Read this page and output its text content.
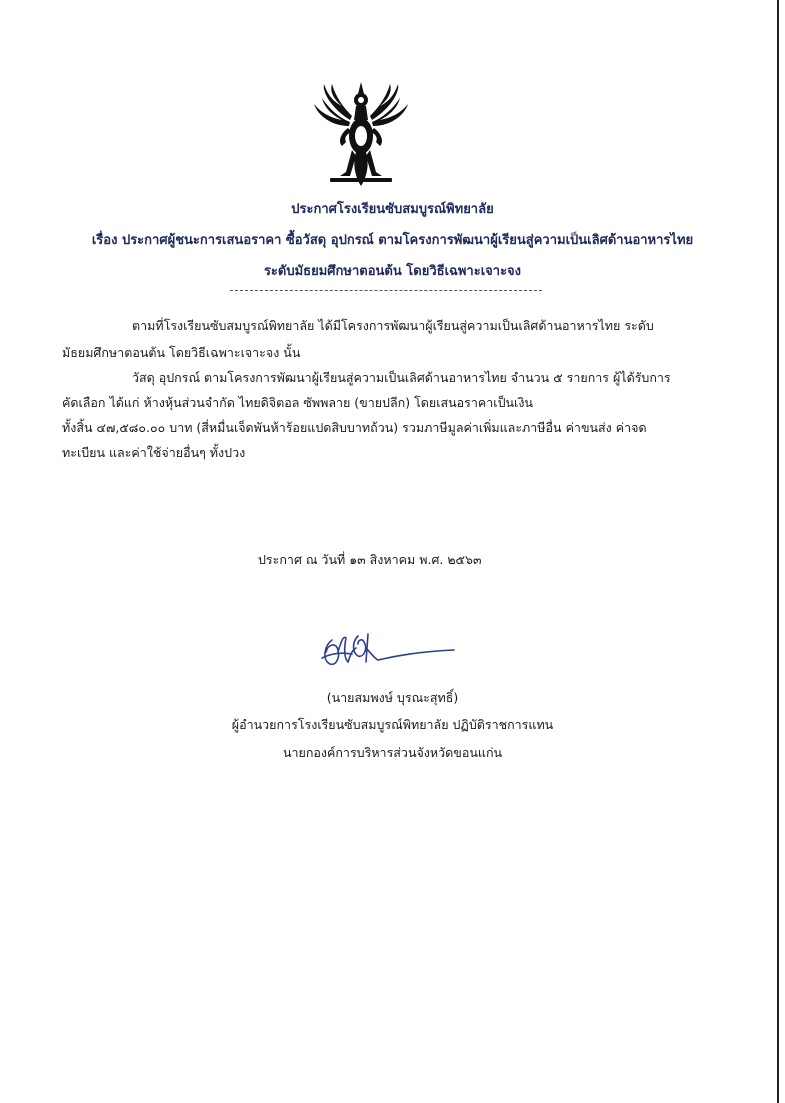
ประกาศโรงเรียนซับสมบูรณ์พิทยาลัย
เรื่อง ประกาศผู้ชนะการเสนอราคา ซื้อวัสดุ อุปกรณ์ ตามโครงการพัฒนาผู้เรียนสู่ความเป็นเลิศด้านอาหารไทย
ระดับมัธยมศึกษาตอนต้น โดยวิธีเฉพาะเจาะจง
ตามที่โรงเรียนซับสมบูรณ์พิทยาลัย ได้มีโครงการพัฒนาผู้เรียนสู่ความเป็นเลิศด้านอาหารไทย ระดับ
มัธยมศึกษาตอนต้น โดยวิธีเฉพาะเจาะจง นั้น
วัสดุ อุปกรณ์ ตามโครงการพัฒนาผู้เรียนสู่ความเป็นเลิศด้านอาหารไทย จำนวน ๕ รายการ ผู้ได้รับการ
คัดเลือก ได้แก่ ห้างหุ้นส่วนจำกัด ไทยดิจิตอล ซัพพลาย (ขายปลีก) โดยเสนอราคาเป็นเงิน
ทั้งสิ้น ๔๗,๕๘๐.๐๐ บาท (สี่หมื่นเจ็ดพันห้าร้อยแปดสิบบาทถ้วน) รวมภาษีมูลค่าเพิ่มและภาษีอื่น ค่าขนส่ง ค่าจด
ทะเบียน และค่าใช้จ่ายอื่นๆ ทั้งปวง
ประกาศ ณ วันที่ ๑๓ สิงหาคม พ.ศ. ๒๕๖๓
(นายสมพงษ์ บุรณะสุทธิ์)
ผู้อำนวยการโรงเรียนซับสมบูรณ์พิทยาลัย ปฏิบัติราชการแทน
นายกองค์การบริหารส่วนจังหวัดขอนแก่น
